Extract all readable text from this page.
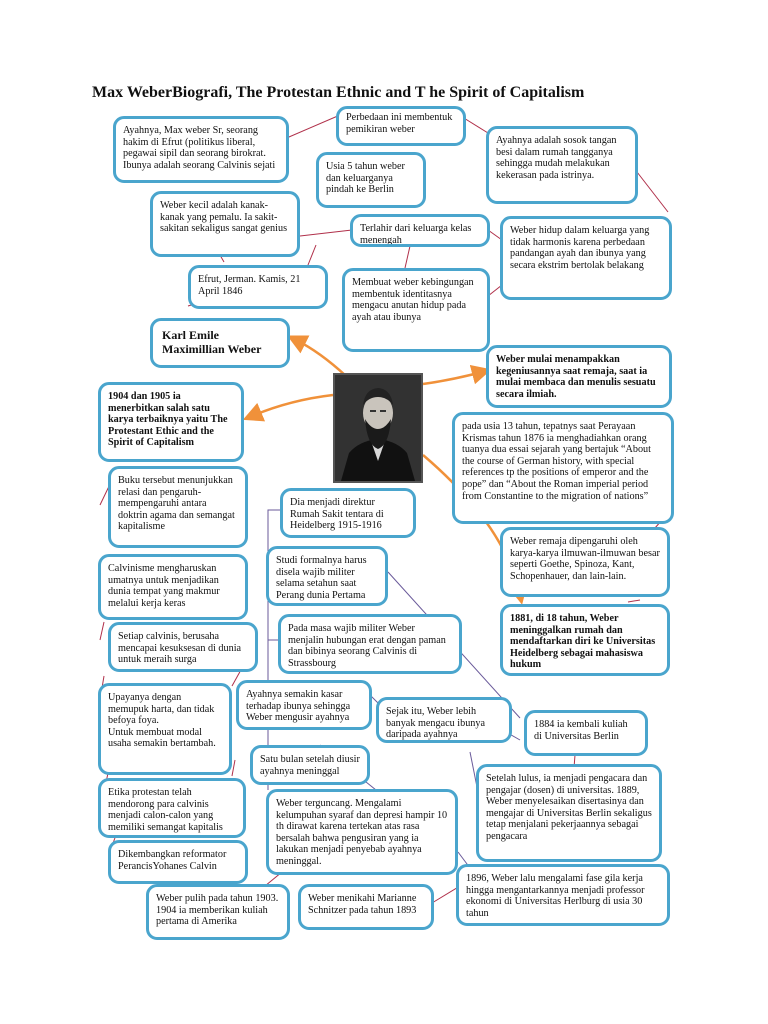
Max WeberBiografi, The Protestan Ethnic and T he Spirit of Capitalism
Ayahnya, Max weber Sr, seorang hakim di Efrut (politikus liberal, pegawai sipil dan seorang birokrat. Ibunya adalah seorang Calvinis sejati
Perbedaan ini membentuk pemikiran weber
Ayahnya adalah sosok tangan besi dalam rumah tangganya sehingga mudah melakukan kekerasan pada istrinya.
Usia 5 tahun weber dan keluarganya pindah ke Berlin
Weber kecil adalah kanak-kanak yang pemalu. Ia sakit-sakitan sekaligus sangat genius	Terlahir dari keluarga kelas menengah
Weber hidup dalam keluarga yang tidak harmonis karena perbedaan pandangan ayah dan ibunya yang secara ekstrim bertolak belakang
Efrut, Jerman. Kamis, 21 April 1846
Membuat weber kebingungan membentuk identitasnya mengacu anutan hidup pada ayah atau ibunya
Karl Emile
Maximillian Weber
Weber mulai menampakkan kegeniusannya saat remaja, saat ia mulai membaca dan menulis sesuatu secara ilmiah.
1904 dan 1905 ia menerbitkan salah satu karya terbaiknya yaitu The Protestant Ethic and the Spirit of Capitalism
pada usia 13 tahun, tepatnys saat Perayaan Krismas tahun 1876 ia menghadiahkan orang tuanya dua essai sejarah yang bertajuk “About the course of German history, with special references tp the positions of emperor and the pope” dan “About the Roman imperial period from Constantine to the migration of nations”
Buku tersebut menunjukkan relasi dan pengaruh-mempengaruhi antara doktrin agama dan semangat kapitalisme
Dia menjadi direktur Rumah Sakit tentara di Heidelberg 1915-1916
Weber remaja dipengaruhi oleh karya-karya ilmuwan-ilmuwan besar seperti Goethe, Spinoza, Kant, Schopenhauer, dan lain-lain.
Calvinisme mengharuskan umatnya untuk menjadikan dunia tempat yang makmur melalui kerja keras
Studi formalnya harus disela wajib militer selama setahun saat Perang dunia Pertama
1881, di 18 tahun, Weber meninggalkan rumah dan mendaftarkan diri ke Universitas Heidelberg sebagai mahasiswa hukum
Setiap calvinis, berusaha mencapai kesuksesan di dunia untuk meraih surga
Pada masa wajib militer Weber menjalin hubungan erat dengan paman dan bibinya seorang Calvinis di Strassbourg
Upayanya dengan memupuk harta, dan tidak befoya foya.
Untuk membuat modal usaha semakin bertambah.
Ayahnya semakin kasar terhadap ibunya sehingga Weber mengusir ayahnya
Sejak itu, Weber lebih banyak mengacu ibunya daripada ayahnya
1884 ia kembali kuliah di Universitas Berlin
Satu bulan setelah diusir ayahnya meninggal
Setelah lulus, ia menjadi pengacara dan pengajar (dosen) di universitas. 1889, Weber menyelesaikan disertasinya dan mengajar di Universitas Berlin sekaligus tetap menjalani pekerjaannya sebagai pengacara
Etika protestan telah mendorong para calvinis menjadi calon-calon yang memiliki semangat kapitalis
Weber terguncang. Mengalami kelumpuhan syaraf dan depresi hampir 10 th dirawat karena tertekan atas rasa bersalah bahwa pengusiran yang ia lakukan menjadi penyebab ayahnya meninggal.
Dikembangkan reformator PerancisYohanes Calvin
1896, Weber lalu mengalami fase gila kerja hingga mengantarkannya menjadi professor ekonomi di Universitas Herlburg di usia 30 tahun
Weber pulih pada tahun 1903. 1904 ia memberikan kuliah pertama di Amerika
Weber menikahi Marianne Schnitzer pada tahun 1893
